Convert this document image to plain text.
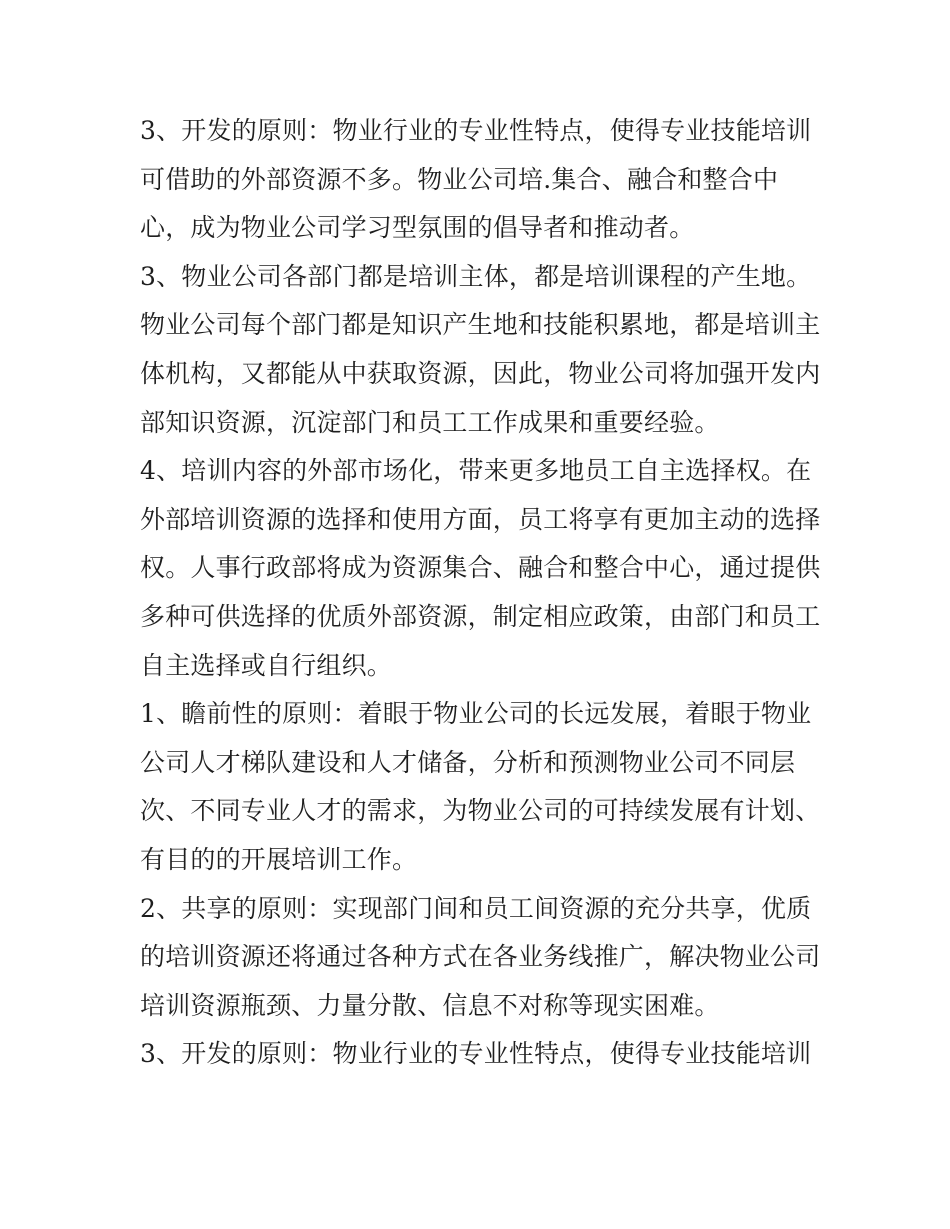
3、开发的原则：物业行业的专业性特点，使得专业技能培训
可借助的外部资源不多。物业公司培.集合、融合和整合中
心，成为物业公司学习型氛围的倡导者和推动者。
3、物业公司各部门都是培训主体，都是培训课程的产生地。
物业公司每个部门都是知识产生地和技能积累地，都是培训主
体机构，又都能从中获取资源，因此，物业公司将加强开发内
部知识资源，沉淀部门和员工工作成果和重要经验。
4、培训内容的外部市场化，带来更多地员工自主选择权。在
外部培训资源的选择和使用方面，员工将享有更加主动的选择
权。人事行政部将成为资源集合、融合和整合中心，通过提供
多种可供选择的优质外部资源，制定相应政策，由部门和员工
自主选择或自行组织。
1、瞻前性的原则：着眼于物业公司的长远发展，着眼于物业
公司人才梯队建设和人才储备，分析和预测物业公司不同层
次、不同专业人才的需求，为物业公司的可持续发展有计划、
有目的的开展培训工作。
2、共享的原则：实现部门间和员工间资源的充分共享，优质
的培训资源还将通过各种方式在各业务线推广，解决物业公司
培训资源瓶颈、力量分散、信息不对称等现实困难。
3、开发的原则：物业行业的专业性特点，使得专业技能培训
